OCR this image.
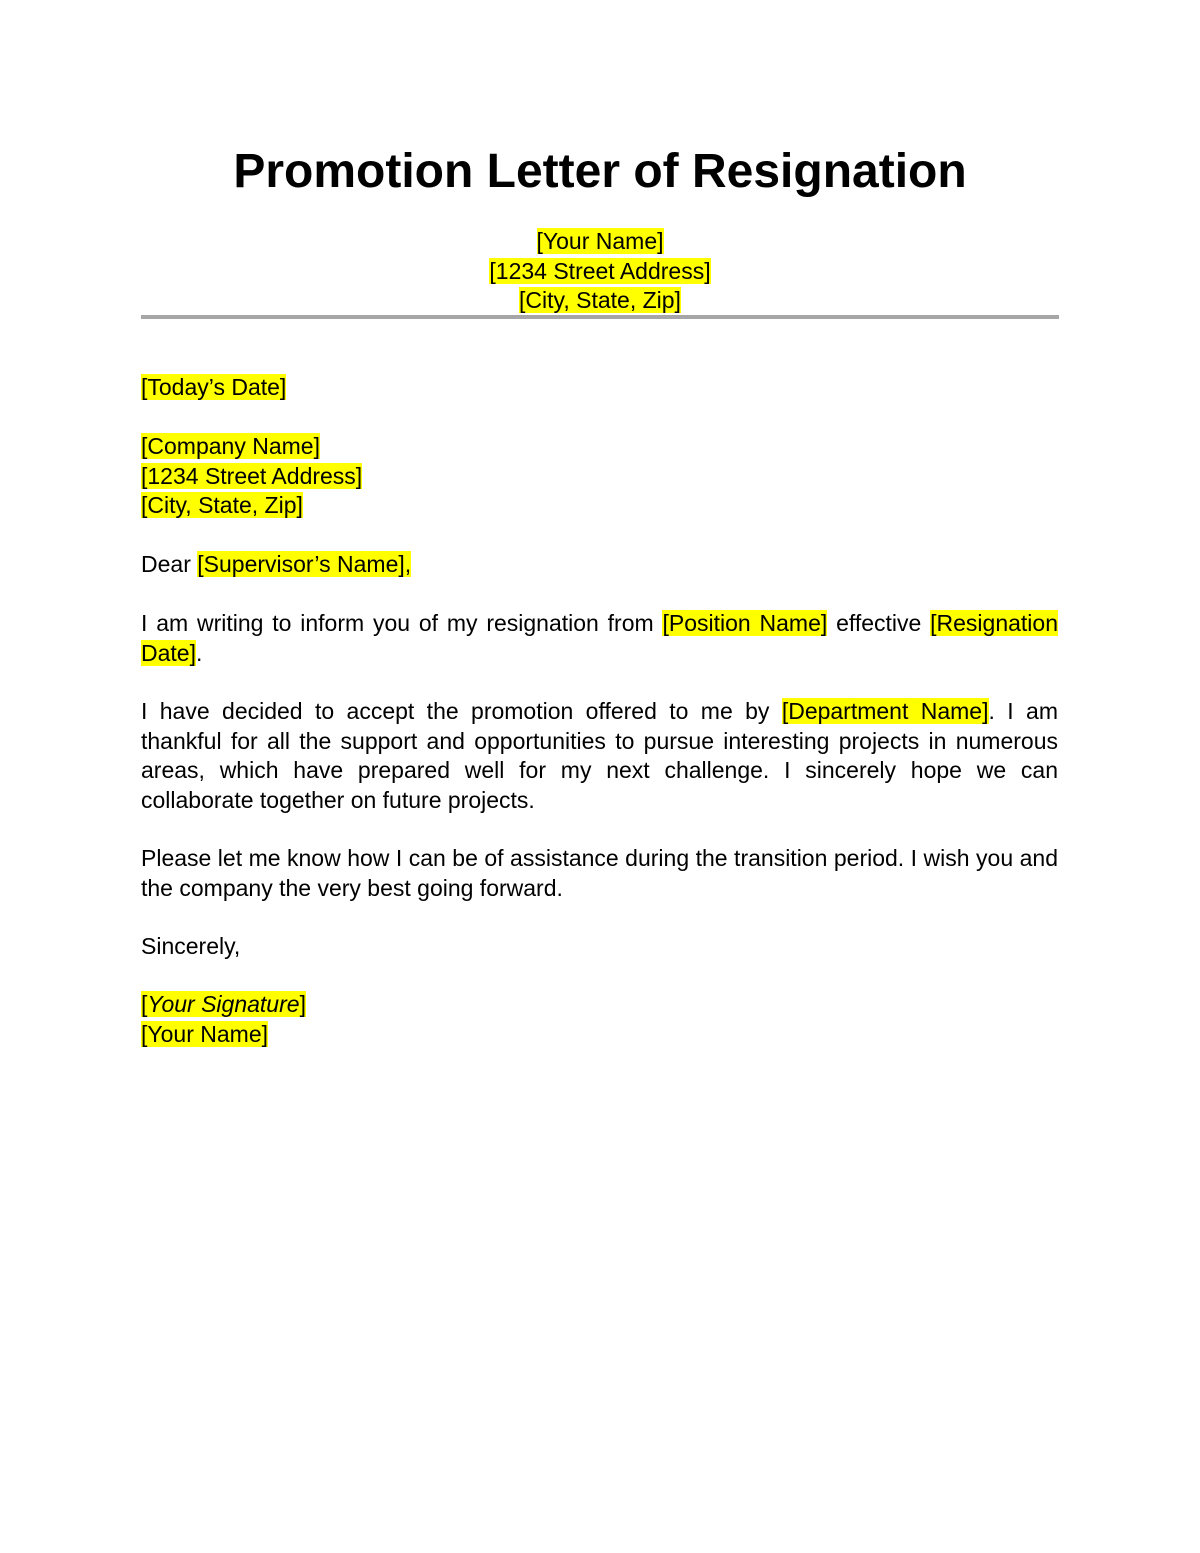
Promotion Letter of Resignation
[Your Name]
[1234 Street Address]
[City, State, Zip]
[Today’s Date]
[Company Name]
[1234 Street Address]
[City, State, Zip]
Dear [Supervisor’s Name],
I am writing to inform you of my resignation from [Position Name] effective [Resignation Date].
I have decided to accept the promotion offered to me by [Department Name]. I am thankful for all the support and opportunities to pursue interesting projects in numerous areas, which have prepared well for my next challenge. I sincerely hope we can collaborate together on future projects.
Please let me know how I can be of assistance during the transition period. I wish you and the company the very best going forward.
Sincerely,
[Your Signature]
[Your Name]
